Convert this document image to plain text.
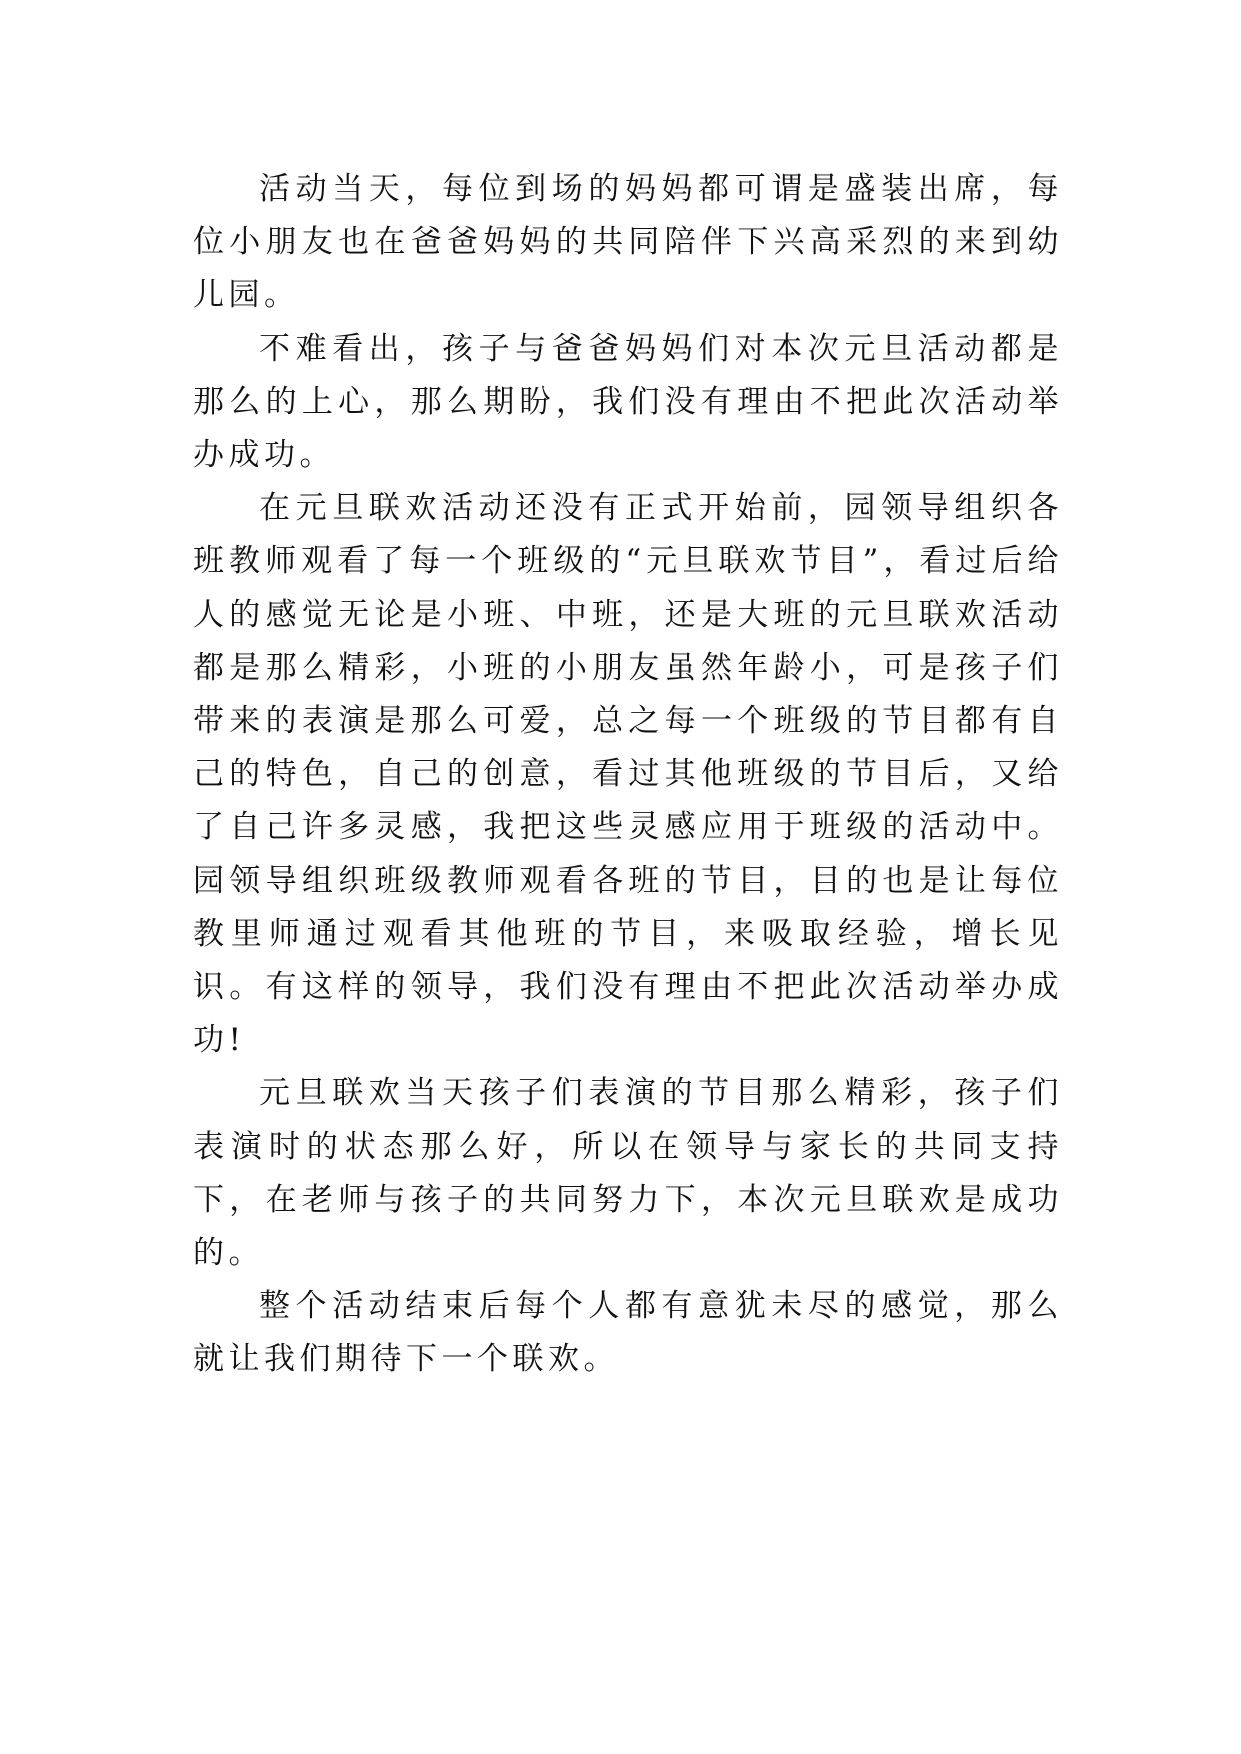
活动当天，每位到场的妈妈都可谓是盛装出席，每位小朋友也在爸爸妈妈的共同陪伴下兴高采烈的来到幼儿园。

不难看出，孩子与爸爸妈妈们对本次元旦活动都是那么的上心，那么期盼，我们没有理由不把此次活动举办成功。

在元旦联欢活动还没有正式开始前，园领导组织各班教师观看了每一个班级的“元旦联欢节目”，看过后给人的感觉无论是小班、中班，还是大班的元旦联欢活动都是那么精彩，小班的小朋友虽然年龄小，可是孩子们带来的表演是那么可爱，总之每一个班级的节目都有自己的特色，自己的创意，看过其他班级的节目后，又给了自己许多灵感，我把这些灵感应用于班级的活动中。园领导组织班级教师观看各班的节目，目的也是让每位教里师通过观看其他班的节目，来吸取经验，增长见识。有这样的领导，我们没有理由不把此次活动举办成功!

元旦联欢当天孩子们表演的节目那么精彩，孩子们表演时的状态那么好，所以在领导与家长的共同支持下，在老师与孩子的共同努力下，本次元旦联欢是成功的。

整个活动结束后每个人都有意犹未尽的感觉，那么就让我们期待下一个联欢。
